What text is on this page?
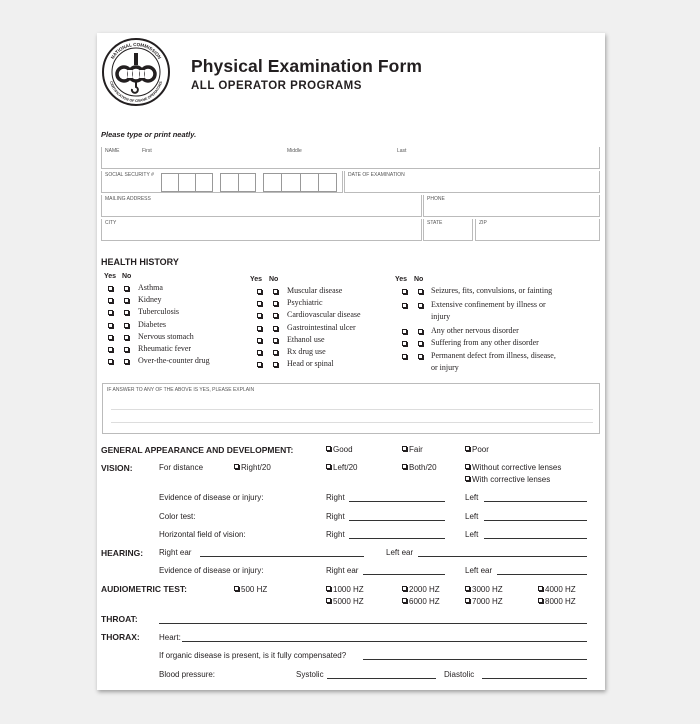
NATIONAL COMMISSION
CERTIFICATION OF CRANE OPERATORS
Physical Examination Form
ALL OPERATOR PROGRAMS
Please type or print neatly.
NAME	First	Middle	Last
SOCIAL SECURITY #	DATE OF EXAMINATION
MAILING ADDRESS	PHONE
CITY	STATE	ZIP
HEALTH HISTORY
Yes No	Yes No	Yes No
Asthma
Kidney
Tuberculosis
Diabetes
Nervous stomach
Rheumatic fever
Over-the-counter drug
Muscular disease
Psychiatric
Cardiovascular disease
Gastrointestinal ulcer
Ethanol use
Rx drug use
Head or spinal
Seizures, fits, convulsions, or fainting
Extensive confinement by illness or
injury
Any other nervous disorder
Suffering from any other disorder
Permanent defect from illness, disease,
or injury
IF ANSWER TO ANY OF THE ABOVE IS YES, PLEASE EXPLAIN
GENERAL APPEARANCE AND DEVELOPMENT:	Good	Fair	Poor
VISION:	For distance	Right/20	Left/20	Both/20	Without corrective lenses
With corrective lenses
Evidence of disease or injury:	Right	Left
Color test:	Right	Left
Horizontal field of vision:	Right	Left
HEARING: Right ear	Left ear
Evidence of disease or injury:	Right ear	Left ear
AUDIOMETRIC TEST:	500 HZ	1000 HZ	2000 HZ	3000 HZ	4000 HZ
5000 HZ	6000 HZ	7000 HZ	8000 HZ
THROAT:
THORAX: Heart:
If organic disease is present, is it fully compensated?
Blood pressure:	Systolic	Diastolic
